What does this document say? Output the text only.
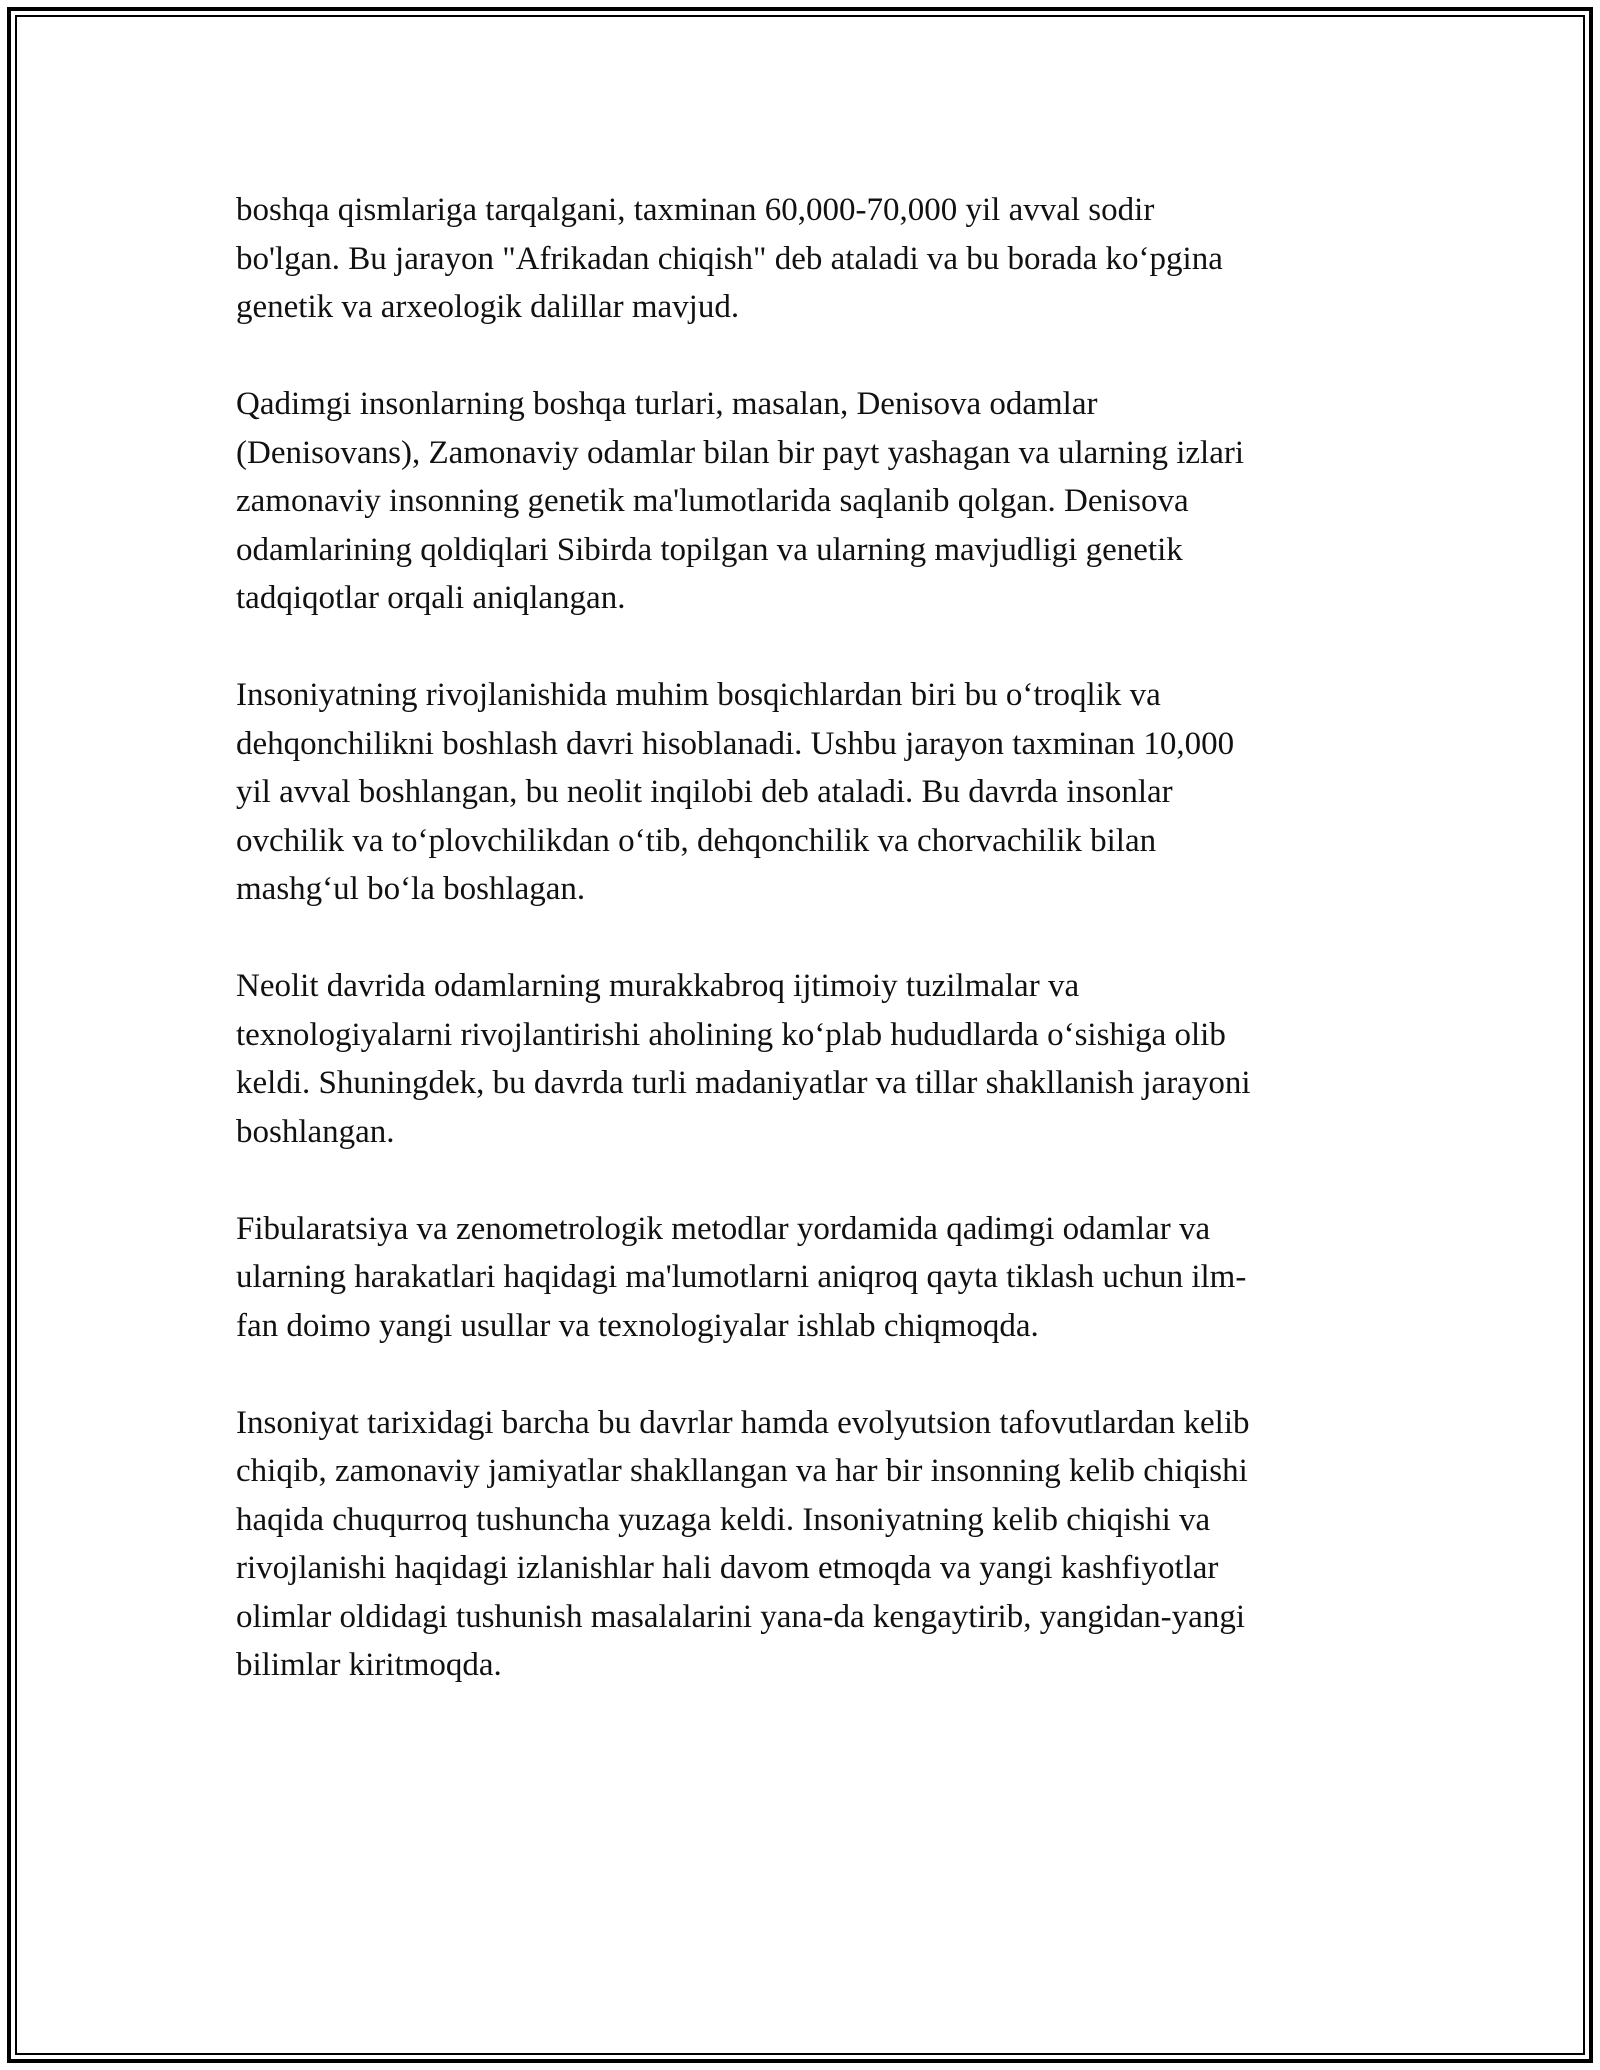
boshqa qismlariga tarqalgani, taxminan 60,000-70,000 yil avval sodir
bo'lgan. Bu jarayon "Afrikadan chiqish" deb ataladi va bu borada ko‘pgina
genetik va arxeologik dalillar mavjud.

Qadimgi insonlarning boshqa turlari, masalan, Denisova odamlar
(Denisovans), Zamonaviy odamlar bilan bir payt yashagan va ularning izlari
zamonaviy insonning genetik ma'lumotlarida saqlanib qolgan. Denisova
odamlarining qoldiqlari Sibirda topilgan va ularning mavjudligi genetik
tadqiqotlar orqali aniqlangan.

Insoniyatning rivojlanishida muhim bosqichlardan biri bu o‘troqlik va
dehqonchilikni boshlash davri hisoblanadi. Ushbu jarayon taxminan 10,000
yil avval boshlangan, bu neolit inqilobi deb ataladi. Bu davrda insonlar
ovchilik va to‘plovchilikdan o‘tib, dehqonchilik va chorvachilik bilan
mashg‘ul bo‘la boshlagan.

Neolit davrida odamlarning murakkabroq ijtimoiy tuzilmalar va
texnologiyalarni rivojlantirishi aholining ko‘plab hududlarda o‘sishiga olib
keldi. Shuningdek, bu davrda turli madaniyatlar va tillar shakllanish jarayoni
boshlangan.

Fibularatsiya va zenometrologik metodlar yordamida qadimgi odamlar va
ularning harakatlari haqidagi ma'lumotlarni aniqroq qayta tiklash uchun ilm-
fan doimo yangi usullar va texnologiyalar ishlab chiqmoqda.

Insoniyat tarixidagi barcha bu davrlar hamda evolyutsion tafovutlardan kelib
chiqib, zamonaviy jamiyatlar shakllangan va har bir insonning kelib chiqishi
haqida chuqurroq tushuncha yuzaga keldi. Insoniyatning kelib chiqishi va
rivojlanishi haqidagi izlanishlar hali davom etmoqda va yangi kashfiyotlar
olimlar oldidagi tushunish masalalarini yana-da kengaytirib, yangidan-yangi
bilimlar kiritmoqda.
